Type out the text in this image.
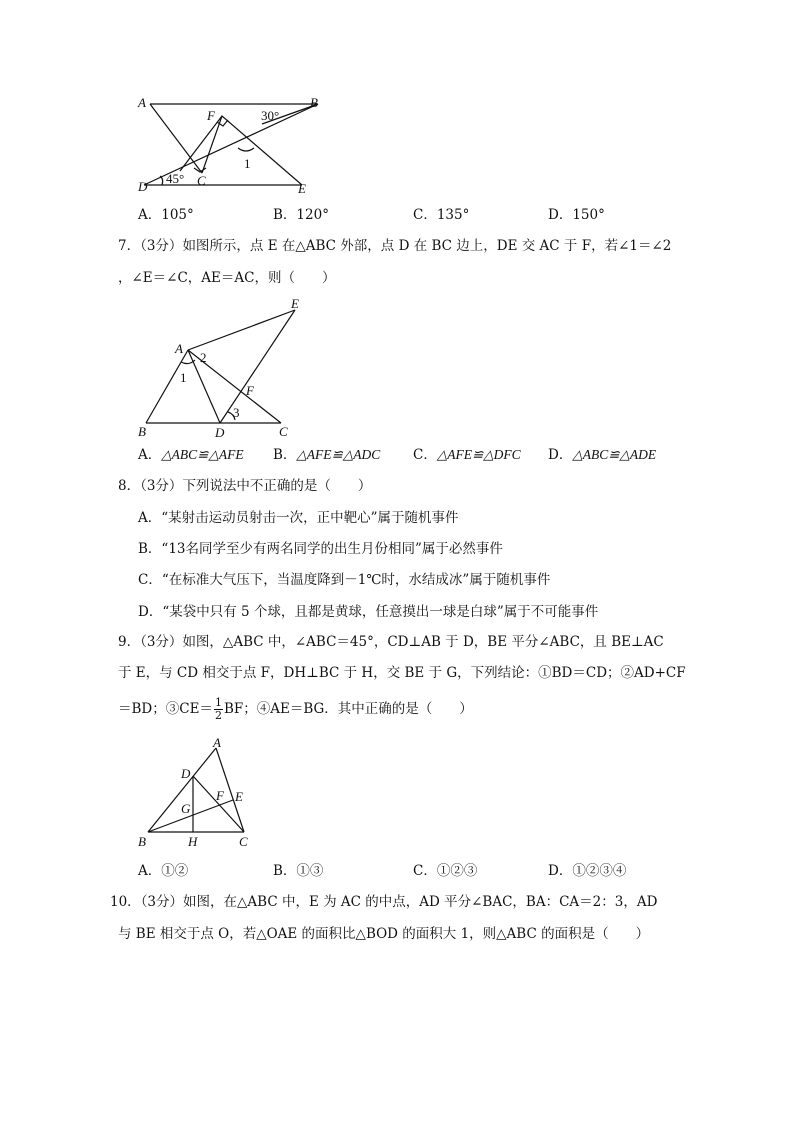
A	B
F
C
D	E
1
30°
45°
A．105°	B．120°	C．135°	D．150°
7．（3分）如图所示，点 E 在△ABC 外部，点 D 在 BC 边上，DE 交 AC 于 F，若∠1＝∠2
，∠E＝∠C，AE＝AC，则（　　）
E
A
2
1
F
3
B	D	C
A．△ABC≌△AFE B．△AFE≌△ADC C．△AFE≌△DFC D．△ABC≌△ADE
8．（3分）下列说法中不正确的是（　　）
A．“某射击运动员射击一次，正中靶心”属于随机事件
B．“13名同学至少有两名同学的出生月份相同”属于必然事件
C．“在标准大气压下，当温度降到－1℃时，水结成冰”属于随机事件
D．“某袋中只有 5 个球，且都是黄球，任意摸出一球是白球”属于不可能事件
9．（3分）如图，△ABC 中，∠ABC＝45°，CD⊥AB 于 D，BE 平分∠ABC，且 BE⊥AC
于 E，与 CD 相交于点 F，DH⊥BC 于 H，交 BE 于 G，下列结论：①BD＝CD；②AD+CF
＝BD；③CE＝ $\frac{1}{2}$ BF；④AE＝BG．其中正确的是（　　）
A
D
G
F E
B	H	C
A．①②	B．①③	C．①②③	D．①②③④
10．（3分）如图，在△ABC 中，E 为 AC 的中点，AD 平分∠BAC，BA：CA＝2：3，AD
与 BE 相交于点 O，若△OAE 的面积比△BOD 的面积大 1，则△ABC 的面积是（　　）
